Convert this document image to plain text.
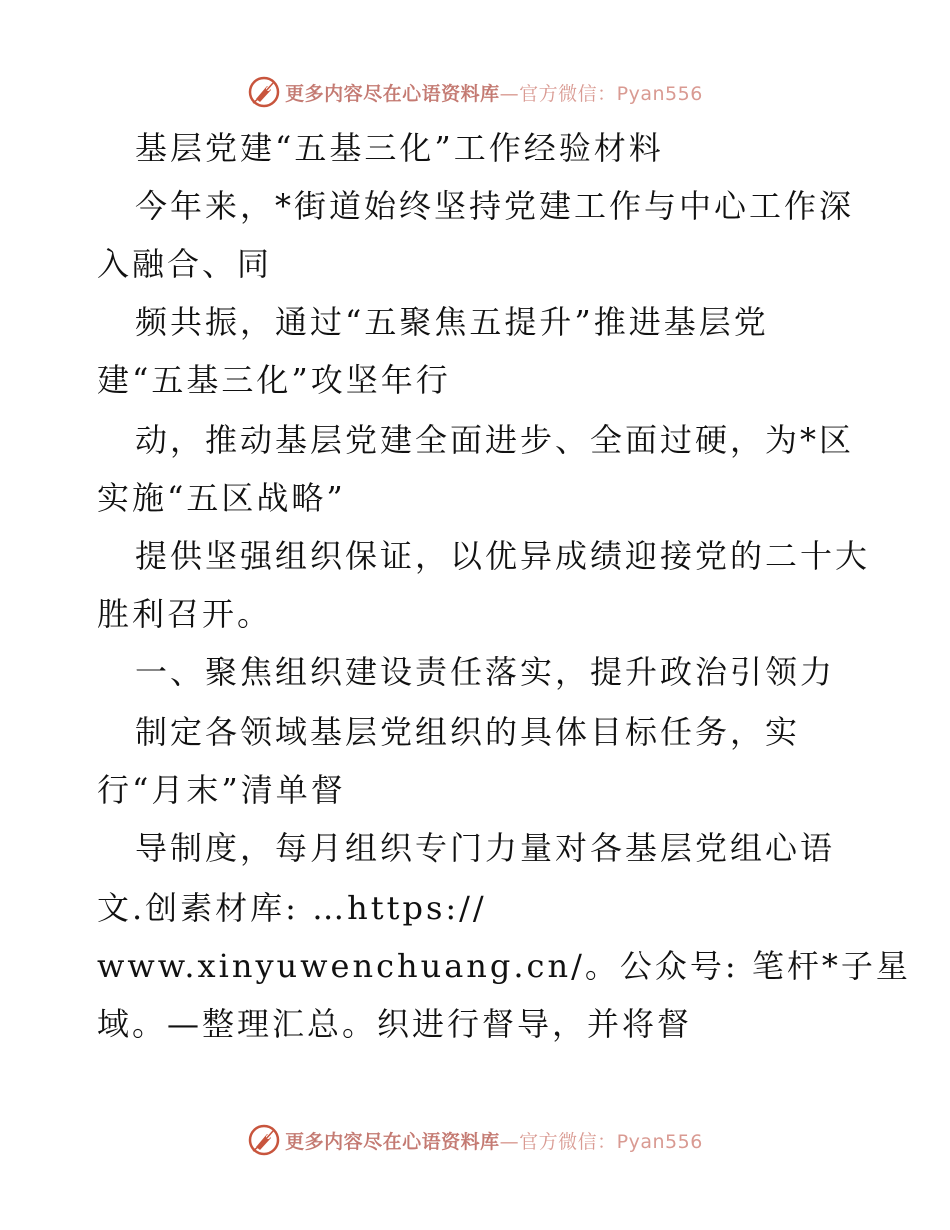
更多内容尽在心语资料库—官方微信：Pyan556
基层党建“五基三化”工作经验材料
今年来，*街道始终坚持党建工作与中心工作深
入融合、同
频共振，通过“五聚焦五提升”推进基层党
建“五基三化”攻坚年行
动，推动基层党建全面进步、全面过硬，为*区
实施“五区战略”
提供坚强组织保证，以优异成绩迎接党的二十大
胜利召开。
一、聚焦组织建设责任落实，提升政治引领力
制定各领域基层党组织的具体目标任务，实
行“月末”清单督
导制度，每月组织专门力量对各基层党组心语
文.创素材库: …https://
www.xinyuwenchuang.cn/。公众号: 笔杆*子星
域。—整理汇总。织进行督导，并将督
更多内容尽在心语资料库—官方微信：Pyan556
